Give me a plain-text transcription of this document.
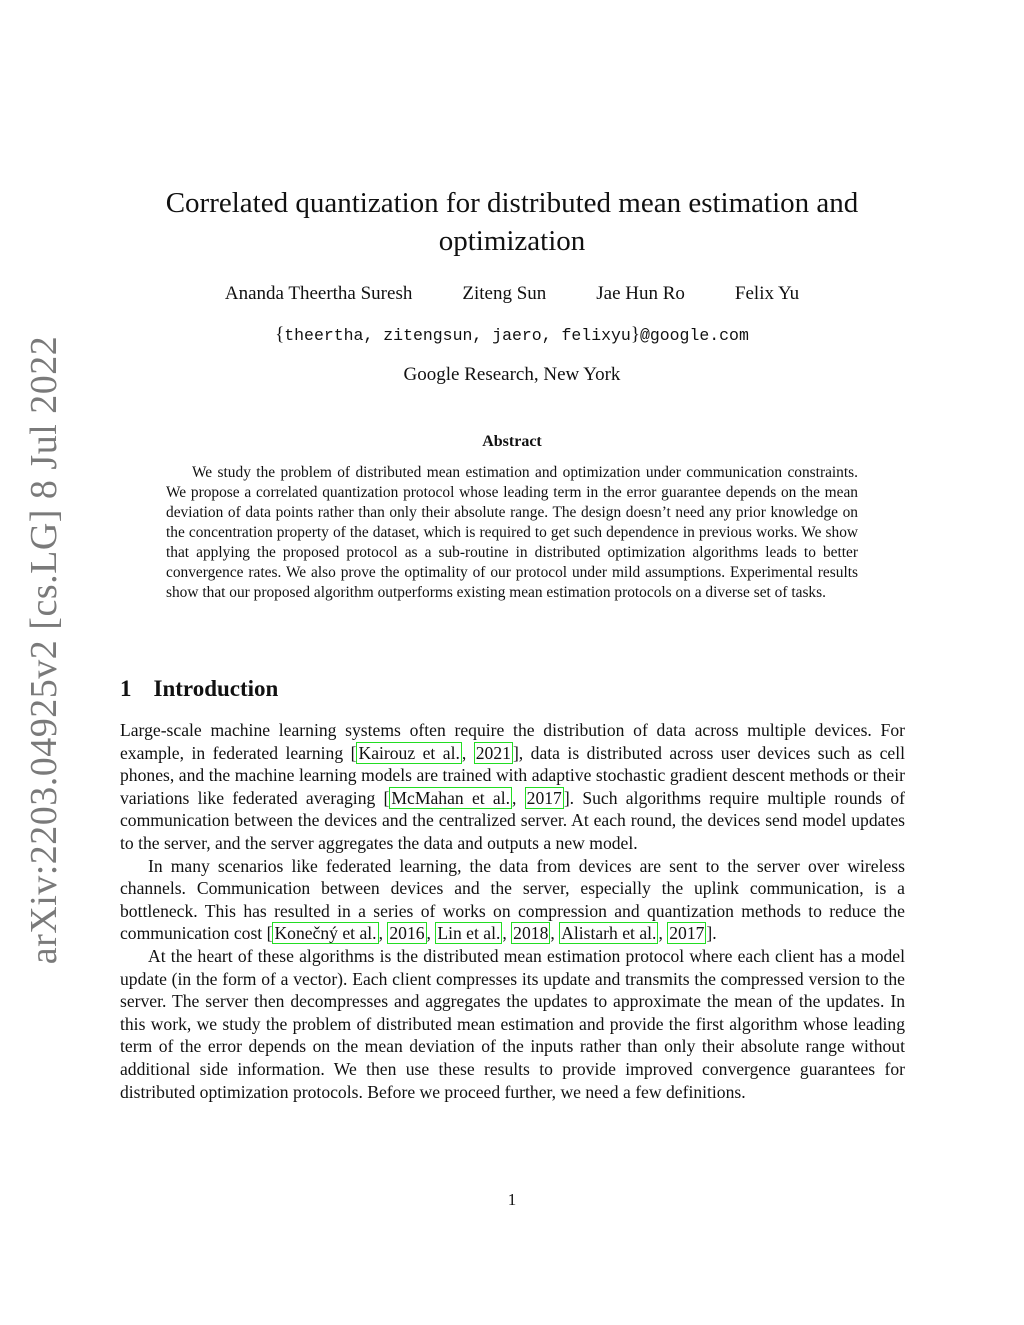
arXiv:2203.04925v2 [cs.LG] 8 Jul 2022
Correlated quantization for distributed mean estimation and optimization
Ananda Theertha Suresh	Ziteng Sun	Jae Hun Ro	Felix Yu
{theertha, zitengsun, jaero, felixyu}@google.com
Google Research, New York
Abstract

We study the problem of distributed mean estimation and optimization under communication constraints. We propose a correlated quantization protocol whose leading term in the error guarantee depends on the mean deviation of data points rather than only their absolute range. The design doesn’t need any prior knowledge on the concentration property of the dataset, which is required to get such dependence in previous works. We show that applying the proposed protocol as a sub-routine in distributed optimization algorithms leads to better convergence rates. We also prove the optimality of our protocol under mild assumptions. Experimental results show that our proposed algorithm outperforms existing mean estimation protocols on a diverse set of tasks.

1 Introduction

Large-scale machine learning systems often require the distribution of data across multiple devices. For example, in federated learning [ Kairouz et al. , 2021 ], data is distributed across user devices such as cell phones, and the machine learning models are trained with adaptive stochastic gradient descent methods or their variations like federated averaging [ McMahan et al. , 2017 ]. Such algorithms require multiple rounds of communication between the devices and the centralized server. At each round, the devices send model updates to the server, and the server aggregates the data and outputs a new model.

In many scenarios like federated learning, the data from devices are sent to the server over wireless channels. Communication between devices and the server, especially the uplink communication, is a bottleneck. This has resulted in a series of works on compression and quantization methods to reduce the communication cost [ Konečný et al. , 2016 , Lin et al. , 2018 , Alistarh et al. , 2017 ].

At the heart of these algorithms is the distributed mean estimation protocol where each client has a model update (in the form of a vector). Each client compresses its update and transmits the compressed version to the server. The server then decompresses and aggregates the updates to approximate the mean of the updates. In this work, we study the problem of distributed mean estimation and provide the first algorithm whose leading term of the error depends on the mean deviation of the inputs rather than only their absolute range without additional side information. We then use these results to provide improved convergence guarantees for distributed optimization protocols. Before we proceed further, we need a few definitions.

1
